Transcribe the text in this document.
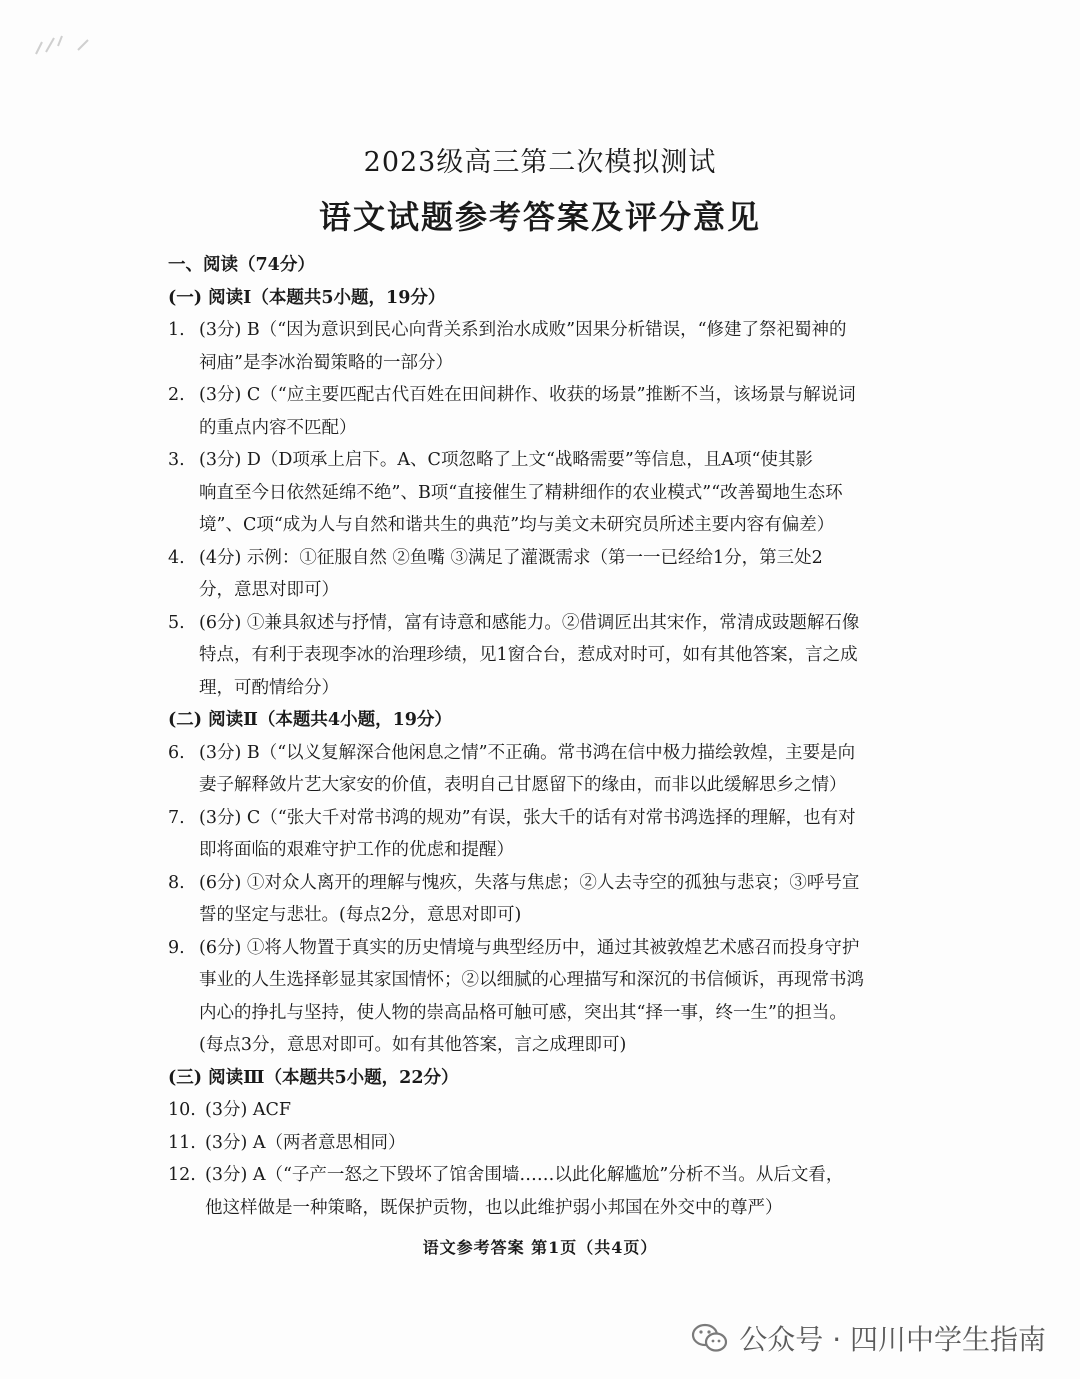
2023级高三第二次模拟测试
语文试题参考答案及评分意见
一、阅读（74分）
(一) 阅读Ⅰ（本题共5小题，19分）
1. (3分) B（“因为意识到民心向背关系到治水成败”因果分析错误，“修建了祭祀蜀神的
祠庙”是李冰治蜀策略的一部分）
2. (3分) C（“应主要匹配古代百姓在田间耕作、收获的场景”推断不当，该场景与解说词
的重点内容不匹配）
3. (3分) D（D项承上启下。A、C项忽略了上文“战略需要”等信息，且A项“使其影
响直至今日依然延绵不绝”、B项“直接催生了精耕细作的农业模式”“改善蜀地生态环
境”、C项“成为人与自然和谐共生的典范”均与美文未研究员所述主要内容有偏差）
4. (4分) 示例：①征服自然 ②鱼嘴 ③满足了灌溉需求（第一一已经给1分，第三处2
分，意思对即可）
5. (6分) ①兼具叙述与抒情，富有诗意和感能力。②借调匠出其宋作，常清成豉题解石像
特点，有利于表现李冰的治理珍绩，见1窗合台，惹成对时可，如有其他答案，言之成
理，可酌情给分）
(二) 阅读Ⅱ（本题共4小题，19分）
6. (3分) B（“以义复解深合他闲息之情”不正确。常书鸿在信中极力描绘敦煌，主要是向
妻子解释敛片艺大家安的价值，表明自己甘愿留下的缘由，而非以此缓解思乡之情）
7. (3分) C（“张大千对常书鸿的规劝”有误，张大千的话有对常书鸿选择的理解，也有对
即将面临的艰难守护工作的优虑和提醒）
8. (6分) ①对众人离开的理解与愧疚，失落与焦虑；②人去寺空的孤独与悲哀；③呼号宣
誓的坚定与悲壮。(每点2分，意思对即可)
9. (6分) ①将人物置于真实的历史情境与典型经历中，通过其被敦煌艺术感召而投身守护
事业的人生选择彰显其家国情怀；②以细腻的心理描写和深沉的书信倾诉，再现常书鸿
内心的挣扎与坚持，使人物的崇高品格可触可感，突出其“择一事，终一生”的担当。
(每点3分，意思对即可。如有其他答案，言之成理即可)
(三) 阅读Ⅲ（本题共5小题，22分）
10. (3分) ACF
11. (3分) A（两者意思相同）
12. (3分) A（“子产一怒之下毁坏了馆舍围墙……以此化解尴尬”分析不当。从后文看，
他这样做是一种策略，既保护贡物，也以此维护弱小邦国在外交中的尊严）
语文参考答案 第1页（共4页）
公众号 · 四川中学生指南
